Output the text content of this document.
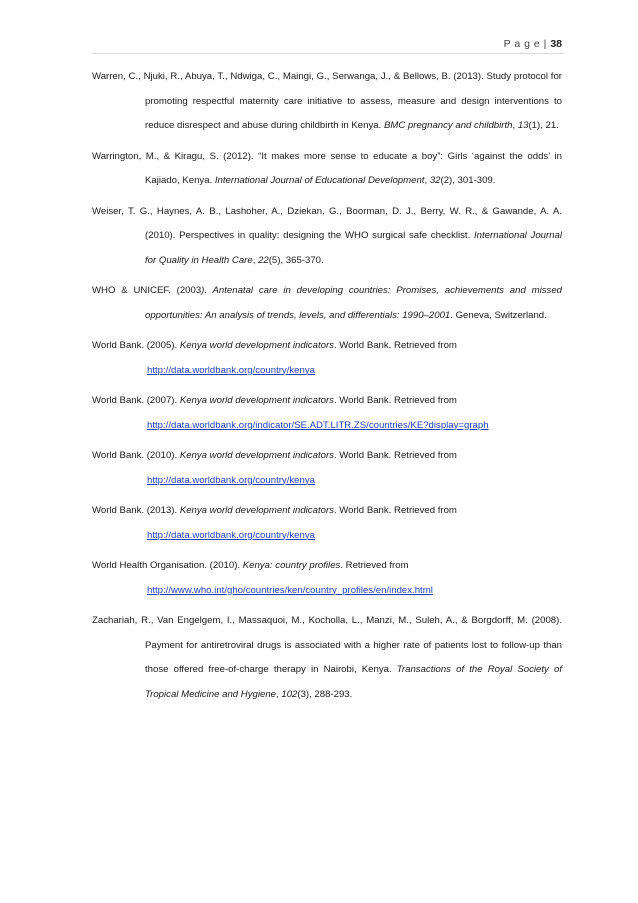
P a g e | 38

Warren, C., Njuki, R., Abuya, T., Ndwiga, C., Maingi, G., Serwanga, J., & Bellows, B. (2013). Study protocol for promoting respectful maternity care initiative to assess, measure and design interventions to reduce disrespect and abuse during childbirth in Kenya. BMC pregnancy and childbirth, 13(1), 21.

Warrington, M., & Kiragu, S. (2012). “It makes more sense to educate a boy”: Girls ‘against the odds’ in Kajiado, Kenya. International Journal of Educational Development, 32(2), 301-309.

Weiser, T. G., Haynes, A. B., Lashoher, A., Dziekan, G., Boorman, D. J., Berry, W. R., & Gawande, A. A. (2010). Perspectives in quality: designing the WHO surgical safe checklist. International Journal for Quality in Health Care, 22(5), 365-370.

WHO & UNICEF. (2003). Antenatal care in developing countries: Promises, achievements and missed opportunities: An analysis of trends, levels, and differentials: 1990–2001. Geneva, Switzerland.

World Bank. (2005). Kenya world development indicators. World Bank. Retrieved from
http://data.worldbank.org/country/kenya

World Bank. (2007). Kenya world development indicators. World Bank. Retrieved from
http://data.worldbank.org/indicator/SE.ADT.LITR.ZS/countries/KE?display=graph

World Bank. (2010). Kenya world development indicators. World Bank. Retrieved from
http://data.worldbank.org/country/kenya

World Bank. (2013). Kenya world development indicators. World Bank. Retrieved from
http://data.worldbank.org/country/kenya

World Health Organisation. (2010). Kenya: country profiles. Retrieved from
http://www.who.int/gho/countries/ken/country_profiles/en/index.html

Zachariah, R., Van Engelgem, I., Massaquoi, M., Kocholla, L., Manzi, M., Suleh, A., & Borgdorff, M. (2008). Payment for antiretroviral drugs is associated with a higher rate of patients lost to follow-up than those offered free-of-charge therapy in Nairobi, Kenya. Transactions of the Royal Society of Tropical Medicine and Hygiene, 102(3), 288-293.
